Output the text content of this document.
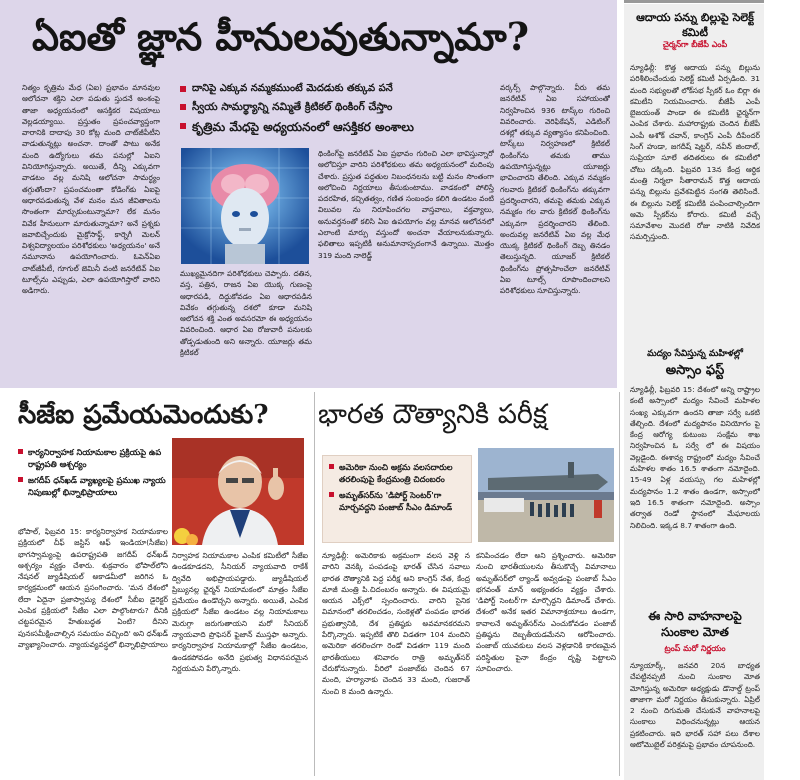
ఏఐతో జ్ఞాన హీనులవుతున్నామా?
నిత్యం కృత్రిమ మేధ (ఏఐ) ప్రభావం మానవుల ఆలోచనా శక్తిని ఎలా పడుతు స్తుదనే అంశంపై తాజా అధ్యయనంలో ఆసక్తికర విషయాలు వెల్లడయ్యాయి. ప్రస్తుతం ప్రపంచవ్యాప్తంగా వారానికి దాదాపు 30 కోట్ల మంది చాట్‌జీపీటీని వాడుతున్నట్లు అంచనా. దాంతో పాటు అనేక మంది ఉద్యోగులు తమ పనుల్లో ఏఐని వినియోగిస్తున్నారు. అయితే, దీన్ని ఎక్కువగా వాడటం వల్ల మనిషి ఆలోచనా సామర్థ్యం తగ్గుతోందా? ప్రపంచమంతా కోడింగ్‌కు ఏఐపై ఆధారపడుతున్న వేళ మనం మన జీవితాలను సొంతంగా మార్చుకుంటున్నామా? లేక మనం వివేక హీనులుగా మారుతున్నామా? అనే ప్రశ్నకు జవాబిచ్చేందుకు మైక్రోసాఫ్ట్, కార్నెగీ మెలన్ విశ్వవిద్యాలయం పరిశోధకులు 'అధ్యయనం' అనే నమూనాను ఉపయోగించారు. ఓపెన్‌ఏఐ చాట్‌జీపీటీ, గూగుల్ జెమినీ వంటి జనరేటివ్ ఏఐ టూల్స్‌ను ఎప్పుడు, ఎలా ఉపయోగిస్తారో వారిని అడిగారు.
దానిపై ఎక్కువ నమ్మకముంటే మెదడుకు తక్కువ పనే
స్వీయ సామర్థ్యాన్ని నమ్మితే క్రిటికల్ థింకింగ్ చేస్తాం
కృత్రిమ మేధపై అధ్యయనంలో ఆసక్తికర అంశాలు
ముఖ్యమైనదిగా పరిశోధకులు చెప్పారు. దతిన, వస్త, పత్రిన, రాజన ఏఐ యొక్క గుణంపై ఆధారపడి, దిద్దుకోవడం ఏఐ ఆధారపడిన వివేకం తగ్గుతున్న దశలో కూడా మనిషి ఆలోచన శక్తి ఎంత అవసరమో ఈ అధ్యయనం వివరించింది. ఆధార ఏఐ రోజువారీ పనులకు తోడ్పడుతుంది అని అన్నారు. యూజర్లు తమ క్రిటికల్
థింకింగ్‌పై జనరేటివ్ ఏఐ ప్రభావం గురించి ఎలా భావిస్తున్నారో ఆలోచిస్తూ వారిని పరిశోధకులు తమ అధ్యయనంలో మదింపు చేశారు. ప్రస్తుత పద్ధతుల నిబంధనలను బట్టి మనం సొంతంగా ఆలోచించి నిర్ణయాలు తీసుకుంటాము. వాడకంలో పోలిస్తే పదరహిత, కచ్చితత్వం, గణిత సంబంధం కలిగి ఉండటం వంటి విలువల ను నిరూపించగల వాస్తవాలు, వక్తవ్యాలు, అనువర్తనంతో కలిసి ఏఐ ఉపయోగం వల్ల మానవ ఆలోచనలో ఎలాంటి మార్పు వస్తుందో అంచనా వేయాలనుకున్నారు. ఫలితాలు ఇప్పటికీ అనుమానాస్పదంగానే ఉన్నాయి. మొత్తం 319 మంది నాలెడ్జ్
వర్కర్స్ పాల్గొన్నారు. వీరు తమ జనరేటివ్ ఏఐ సహాయంతో నిర్వహించిన 936 టాస్క్‌ల గురించి వివరించారు. వెరిఫికేషన్, ఎడిటింగ్ దశల్లో తక్కువ వ్యత్యాసం కనిపించింది. టాస్క్‌లు నిర్వహణలో క్రిటికల్ థింకింగ్‌ను తమకు తాము ఉపయోగిస్తున్నట్లు యూజర్లు భావించారని తేలింది. ఎక్కువ నమ్మకం గలవారు క్రిటికల్ థింకింగ్‌ను తక్కువగా ప్రదర్శించారని, తమపై తమకు ఎక్కువ నమ్మకం గల వారు క్రిటికల్ థింకింగ్‌ను ఎక్కువగా ప్రదర్శించారని తేలింది. అందువల్ల జనరేటివ్ ఏఐ వల్ల మేధ యొక్క క్రిటికల్ థింకింగ్ దెబ్బ తినడం తెలుస్తున్నది. యూజర్ క్రిటికల్ థింకింగ్‌ను ప్రోత్సహించేలా జనరేటివ్ ఏఐ టూల్స్ రూపొందించాలని పరిశోధకులు సూచిస్తున్నారు.
ఆదాయ పన్ను బిల్లుపై సెలెక్ట్ కమిటీ
చైర్మన్‌గా బీజేపీ ఎంపీ
న్యూఢిల్లీ: కొత్త ఆదాయ పన్ను బిల్లును పరిశీలించేందుకు సెలెక్ట్ కమిటీ ఏర్పడింది. 31 మంది సభ్యులతో లోక్‌సభ స్పీకర్ ఓం బిర్లా ఈ కమిటీని నియమించారు. బీజేపీ ఎంపీ బైజయంత్ పాండా ఈ కమిటీకి ఛైర్మన్‌గా ఎంపిక చేశారు. మహారాష్ట్రకు చెందిన బీజేపీ ఎంపీ అశోక్ చవాన్, కాంగ్రెస్ ఎంపీ దీపేందర్ సింగ్ హుడా, జగదీష్ షెట్టర్, నవీన్ జిందాల్, సుప్రియా సూలే తదితరులు ఈ కమిటీలో చోటు దక్కింది. ఫిబ్రవరి 13న కేంద్ర ఆర్థిక మంత్రి నిర్మలా సీతారామన్ కొత్త ఆదాయ పన్ను బిల్లును ప్రవేశపెట్టిన సంగతి తెలిసిందే. ఈ బిల్లును సెలెక్ట్ కమిటీకి పంపించాల్సిందిగా ఆమె స్పీకర్‌ను కోరారు. కమిటీ వచ్చే సమావేశాల మొదటి రోజు నాటికి నివేదిక సమర్పిస్తుంది.
మద్యం సేవిస్తున్న మహిళల్లో
అస్సాం ఫస్ట్
న్యూఢిల్లీ, ఫిబ్రవరి 15: దేశంలో అన్ని రాష్ట్రాల కంటే అస్సాంలో మద్యం సేవించే మహిళల సంఖ్య ఎక్కువగా ఉందని తాజా సర్వే ఒకటి తేల్చింది. దేశంలో మద్యపానం వినియోగం పై కేంద్ర ఆరోగ్య కుటుంబ సంక్షేమ శాఖ నిర్వహించిన ఓ సర్వే లో ఈ విషయం వెల్లడైంది. ఈశాన్య రాష్ట్రంలో మద్యం సేవించే మహిళల శాతం 16.5 శాతంగా నమోదైంది. 15-49 ఏళ్ల వయస్సు గల మహిళల్లో మద్యపానం 1.2 శాతం ఉండగా, అస్సాంలో ఇది 16.5 శాతంగా నమోదైంది. అస్సాం తర్వాత రెండో స్థానంలో మేఘాలయ నిలిచింది. ఇక్కడ 8.7 శాతంగా ఉంది.
ఈ సారి వాహనాలపై సుంకాల మోత
ట్రంప్ మరో నిర్ణయం
న్యూయార్క్, జనవరి 20న బాధ్యత చేపట్టినప్పటి నుంచి సుంకాల మోత మోగిస్తున్న అమెరికా అధ్యక్షుడు డొనాల్డ్ ట్రంప్ తాజాగా మరో నిర్ణయం తీసుకున్నారు. ఏప్రిల్ 2 నుంచి దిగుమతి చేసుకునే వాహనాలపై సుంకాలు విధించనున్నట్లు ఆయన ప్రకటించారు. ఇది భారత్ సహా పలు దేశాల ఆటోమొబైల్ పరిశ్రమపై ప్రభావం చూపనుంది.
సీజేఐ ప్రమేయమెందుకు?
కార్యనిర్వాహక నియామకాల ప్రక్రియపై ఉప రాష్ట్రపతి ఆశ్చర్యం
జగదీప్ ధన్‌ఖడ్ వ్యాఖ్యలపై ప్రముఖ న్యాయ నిపుణుల్లో భిన్నాభిప్రాయాలు
భోపాల్, ఫిబ్రవరి 15: కార్యనిర్వాహక నియామకాల ప్రక్రియలో చీఫ్ జస్టిస్ ఆఫ్ ఇండియా(సీజేఐ) భాగస్వామ్యంపై ఉపరాష్ట్రపతి జగదీప్ ధన్‌ఖడ్ ఆశ్చర్యం వ్యక్తం చేశారు. శుక్రవారం భోపాల్‌లోని నేషనల్ జ్యుడీషియల్ అకాడమీలో జరిగిన ఓ కార్యక్రమంలో ఆయన ప్రసంగించారు. 'మన దేశంలో లేదా ఏదైనా ప్రజాస్వామ్య దేశంలో సీబీఐ డైరెక్టర్ ఎంపిక ప్రక్రియలో సీజేఐ ఎలా పాల్గొంటారు? దీనికి చట్టపరమైన హేతుబద్ధత ఏంటి? దీనిని పునఃసమీక్షించాల్సిన సమయం వచ్చింది' అని ధన్‌ఖడ్ వ్యాఖ్యానించారు. న్యాయవ్యవస్థలో భిన్నాభిప్రాయాలు
నిర్వాహక నియామకాల ఎంపిక కమిటీలో సీజేఐ ఉండకూడదని, సీనియర్ న్యాయవాది రాకేశ్ ద్వివేది అభిప్రాయపడ్డారు. జ్యుడీషియల్ ప్రిబ్యునల్ల ఛైర్మన్ నియామకంలో మాత్రం సీజేఐ ప్రమేయం ఉండొచ్చని అన్నారు. అయితే, ఎంపిక ప్రక్రియలో సీజేఐ ఉండటం వల్ల నియామకాలు మెరుగ్గా జరుగుతాయని మరో సీనియర్ న్యాయవాది ప్రొఫెసర్ ఫైజాన్ ముస్తఫా అన్నారు. కార్యనిర్వాహక నియామకాల్లో సీజేఐ ఉండటం, ఉండకపోవడం అనేది ప్రభుత్వ విధానపరమైన నిర్ణయమని పేర్కొన్నారు.
భారత దౌత్యానికి పరీక్ష
అమెరికా నుంచి అక్రమ వలసదారుల తరలింపుపై కేంద్రమంత్రి చిదంబరం
అమృత్‌సర్‌ను 'డిపోర్ట్ సెంటర్'గా మార్చవద్దని పంజాబ్ సీఎం డిమాండ్
న్యూఢిల్లీ: అమెరికాకు అక్రమంగా వలస వెళ్లి న వారిని వెనక్కి పంపడంపై భారత్ చేసిన సవాలు భారత దౌత్యానికి పెద్ద పరీక్ష అని కాంగ్రెస్ నేత, కేంద్ర మాజీ మంత్రి పి.చిదంబరం అన్నారు. ఈ విషయమై ఆయన ఎక్స్‌లో స్పందించారు. వారిని సైనిక విమానంలో తరలించడం, సంకెళ్లతో పంపడం భారత ప్రభుత్వానికి, దేశ ప్రతిష్ఠకు అవమానకరమని పేర్కొన్నారు. ఇప్పటికే తొలి విడతగా 104 మందిని అమెరికా తరలించగా రెండో విడతగా 119 మంది భారతీయులు శనివారం రాత్రి అమృత్‌సర్ చేరుకోనున్నారు. వీరిలో పంజాబ్‌కు చెందిన 67 మంది, హర్యానాకు చెందిన 33 మంది, గుజరాత్ నుంచి 8 మంది ఉన్నారు.
కనిపించడం లేదా అని ప్రశ్నించారు. అమెరికా నుంచి భారతీయులను తీసుకొచ్చే విమానాలు అమృత్‌సర్‌లో ల్యాండ్ అవ్వడంపై పంజాబ్ సీఎం భగవంత్ మాన్ అభ్యంతరం వ్యక్తం చేశారు. 'డిపోర్ట్ సెంటర్'గా మార్చొద్దని డిమాండ్ చేశారు. దేశంలో అనేక ఇతర విమానాశ్రయాలు ఉండగా, కావాలనే అమృత్‌సర్‌ను ఎంచుకోవడం పంజాబ్ ప్రతిష్ఠను దెబ్బతీయడమేనని ఆరోపించారు. పంజాబ్ యువకులు వలస వెళ్లడానికి కారణమైన పరిస్థితుల పైనా కేంద్రం దృష్టి పెట్టాలని సూచించారు.
